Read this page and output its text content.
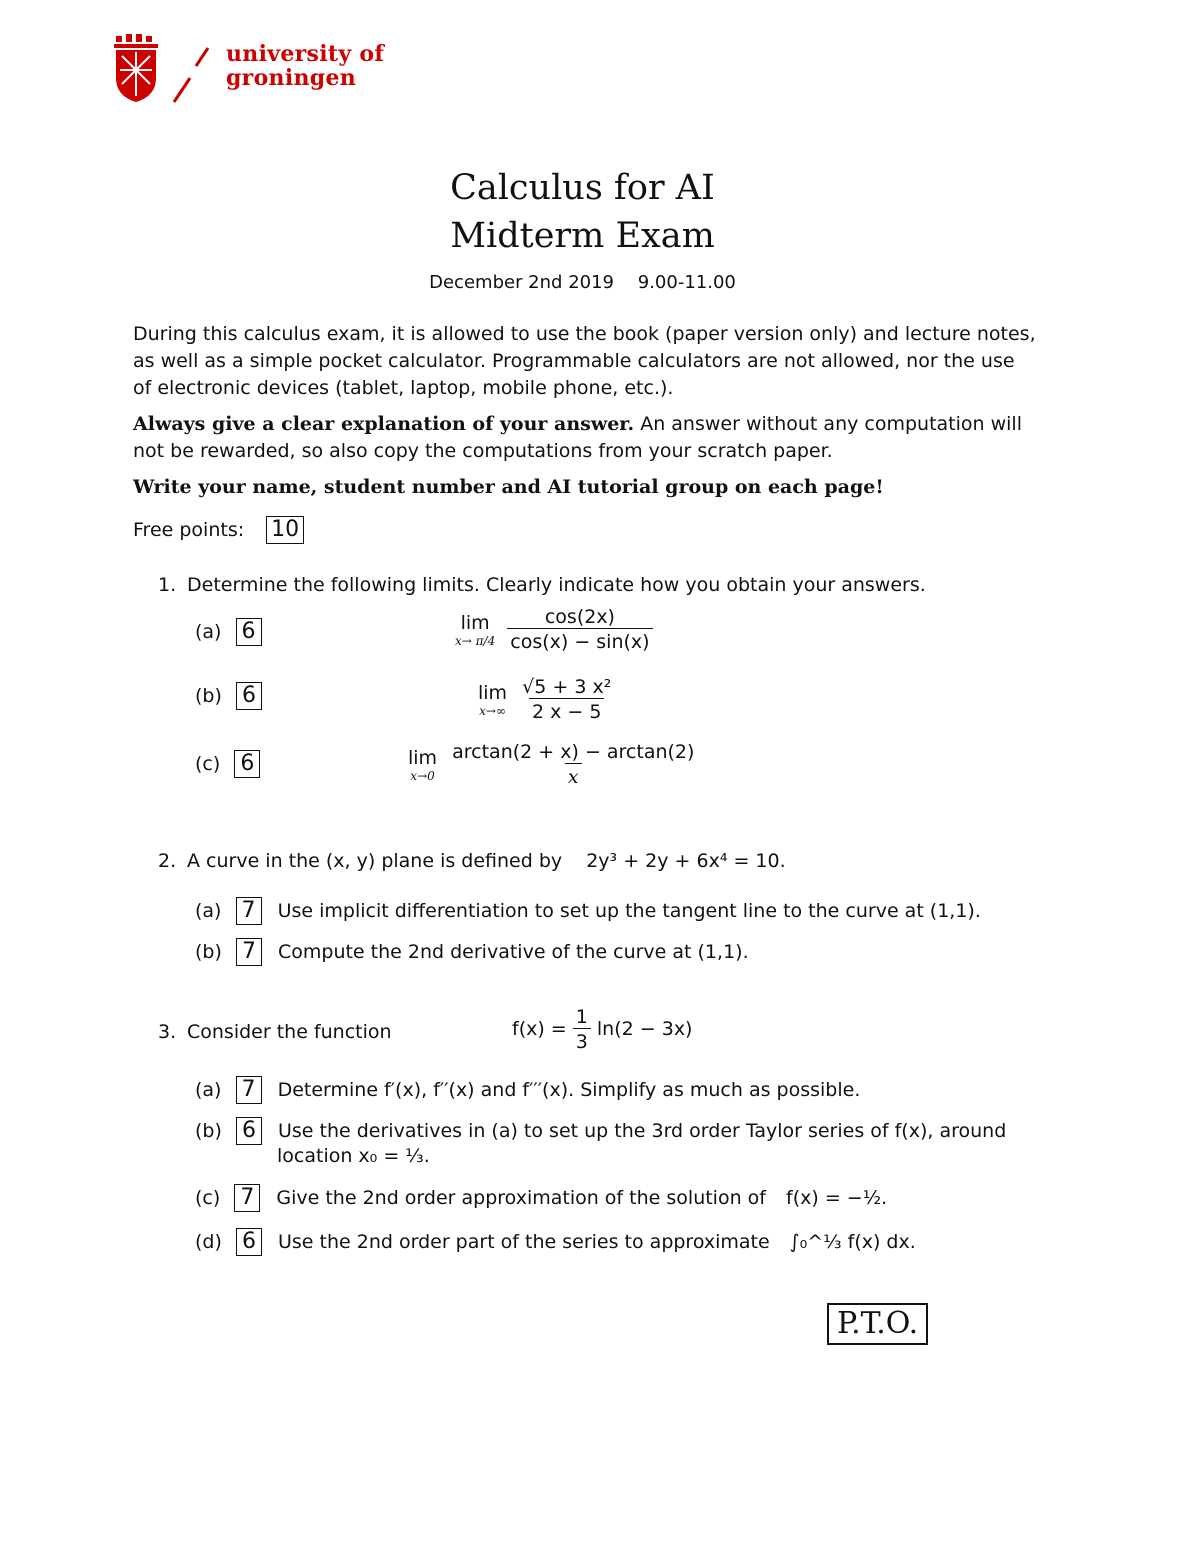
university of
groningen
Calculus for AI
Midterm Exam
December 2nd 2019 9.00-11.00
During this calculus exam, it is allowed to use the book (paper version only) and lecture notes, as well as a simple pocket calculator. Programmable calculators are not allowed, nor the use of electronic devices (tablet, laptop, mobile phone, etc.).
Always give a clear explanation of your answer. An answer without any computation will not be rewarded, so also copy the computations from your scratch paper.
Write your name, student number and AI tutorial group on each page!
Free points: 10
1. Determine the following limits. Clearly indicate how you obtain your answers.
(a) 6	lim
x→ π/4
$\frac{\cos(2x)}{\cos(x) - \sin(x)}$
(b) 6	lim
x→∞
$\frac{\text{√5 + 3 x²}}{2 x - 5}$
(c) 6	lim
x→0
$\frac{\arctan(2 + x) - \arctan(2)}{x}$
2. A curve in the (x, y) plane is defined by 2y³ + 2y + 6x⁴ = 10.
(a) 7 Use implicit differentiation to set up the tangent line to the curve at (1,1).
(b) 7 Compute the 2nd derivative of the curve at (1,1).
3. Consider the function	$f(x) = \frac{1}{3} \ln(2 - 3x)$
(a) 7 Determine f′(x), f′′(x) and f′′′(x). Simplify as much as possible.
(b) 6 Use the derivatives in (a) to set up the 3rd order Taylor series of f(x), around
location x₀ = ⅓.
(c) 7 Give the 2nd order approximation of the solution of f(x) = −½.
(d) 6 Use the 2nd order part of the series to approximate ∫₀^⅓ f(x) dx.
P.T.O.
